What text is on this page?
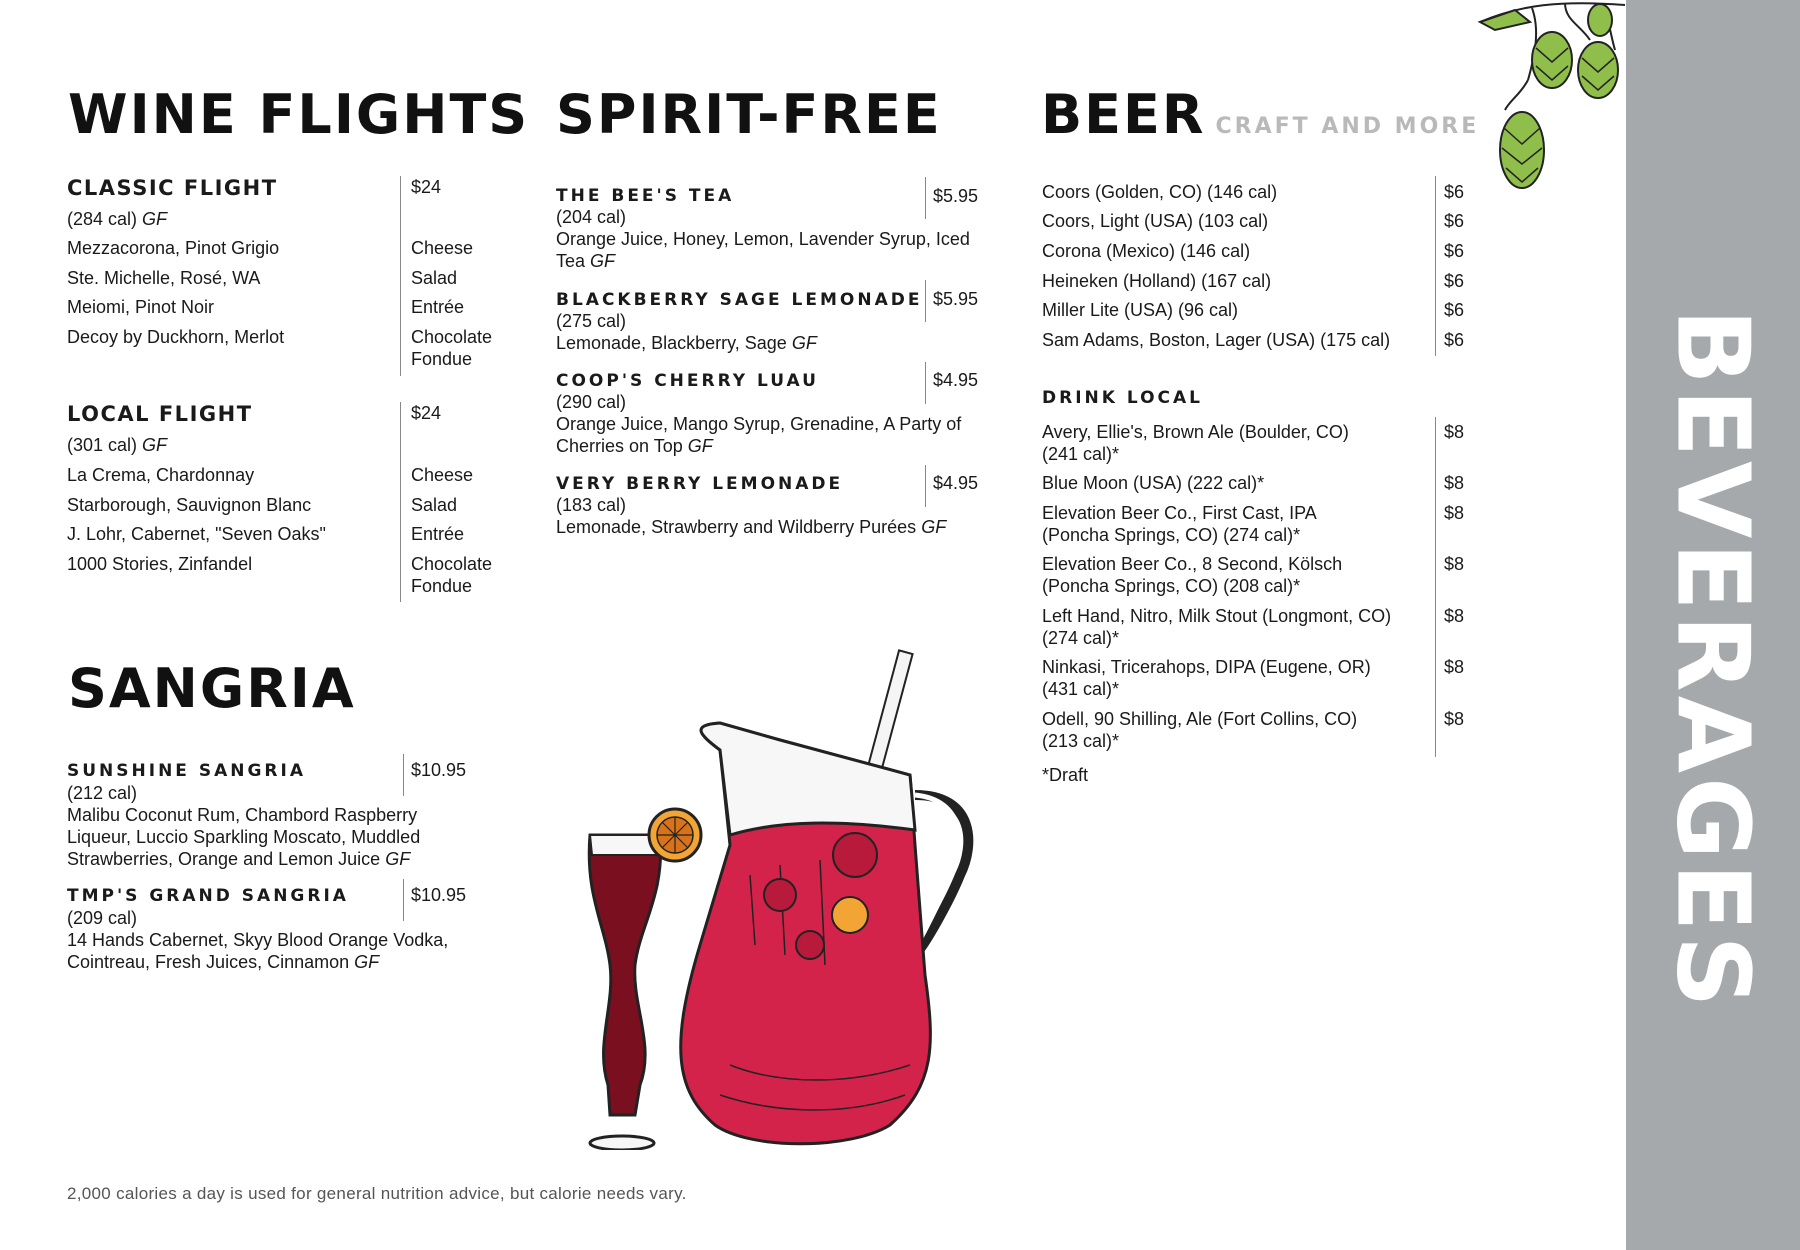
WINE FLIGHTS
CLASSIC FLIGHT	$24
(284 cal) GF
Mezzacorona, Pinot Grigio	Cheese
Ste. Michelle, Rosé, WA	Salad
Meiomi, Pinot Noir	Entrée
Decoy by Duckhorn, Merlot	Chocolate
Fondue
LOCAL FLIGHT	$24
(301 cal) GF
La Crema, Chardonnay	Cheese
Starborough, Sauvignon Blanc	Salad
J. Lohr, Cabernet, "Seven Oaks"	Entrée
1000 Stories, Zinfandel	Chocolate
Fondue
SANGRIA
SUNSHINE SANGRIA	$10.95
(212 cal)
Malibu Coconut Rum, Chambord Raspberry
Liqueur, Luccio Sparkling Moscato, Muddled
Strawberries, Orange and Lemon Juice GF
TMP'S GRAND SANGRIA	$10.95
(209 cal)
14 Hands Cabernet, Skyy Blood Orange Vodka,
Cointreau, Fresh Juices, Cinnamon GF
SPIRIT-FREE
THE BEE'S TEA	$5.95
(204 cal)
Orange Juice, Honey, Lemon, Lavender Syrup, Iced
Tea GF
BLACKBERRY SAGE LEMONADE $5.95
(275 cal)
Lemonade, Blackberry, Sage GF
COOP'S CHERRY LUAU	$4.95
(290 cal)
Orange Juice, Mango Syrup, Grenadine, A Party of
Cherries on Top GF
VERY BERRY LEMONADE	$4.95
(183 cal)
Lemonade, Strawberry and Wildberry Purées GF
BEER CRAFT AND MORE
Coors (Golden, CO) (146 cal)	$6
Coors, Light (USA) (103 cal)	$6
Corona (Mexico) (146 cal)	$6
Heineken (Holland) (167 cal)	$6
Miller Lite (USA) (96 cal)	$6
Sam Adams, Boston, Lager (USA) (175 cal)	$6
DRINK LOCAL
Avery, Ellie's, Brown Ale (Boulder, CO)
(241 cal)*
$8
Blue Moon (USA) (222 cal)*	$8
Elevation Beer Co., First Cast, IPA
(Poncha Springs, CO) (274 cal)*
$8
Elevation Beer Co., 8 Second, Kölsch
(Poncha Springs, CO) (208 cal)*
$8
Left Hand, Nitro, Milk Stout (Longmont, CO)
(274 cal)*
$8
Ninkasi, Tricerahops, DIPA (Eugene, OR)
(431 cal)*
$8
Odell, 90 Shilling, Ale (Fort Collins, CO)
(213 cal)*
$8
*Draft
2,000 calories a day is used for general nutrition advice, but calorie needs vary.
BEVERAGES
